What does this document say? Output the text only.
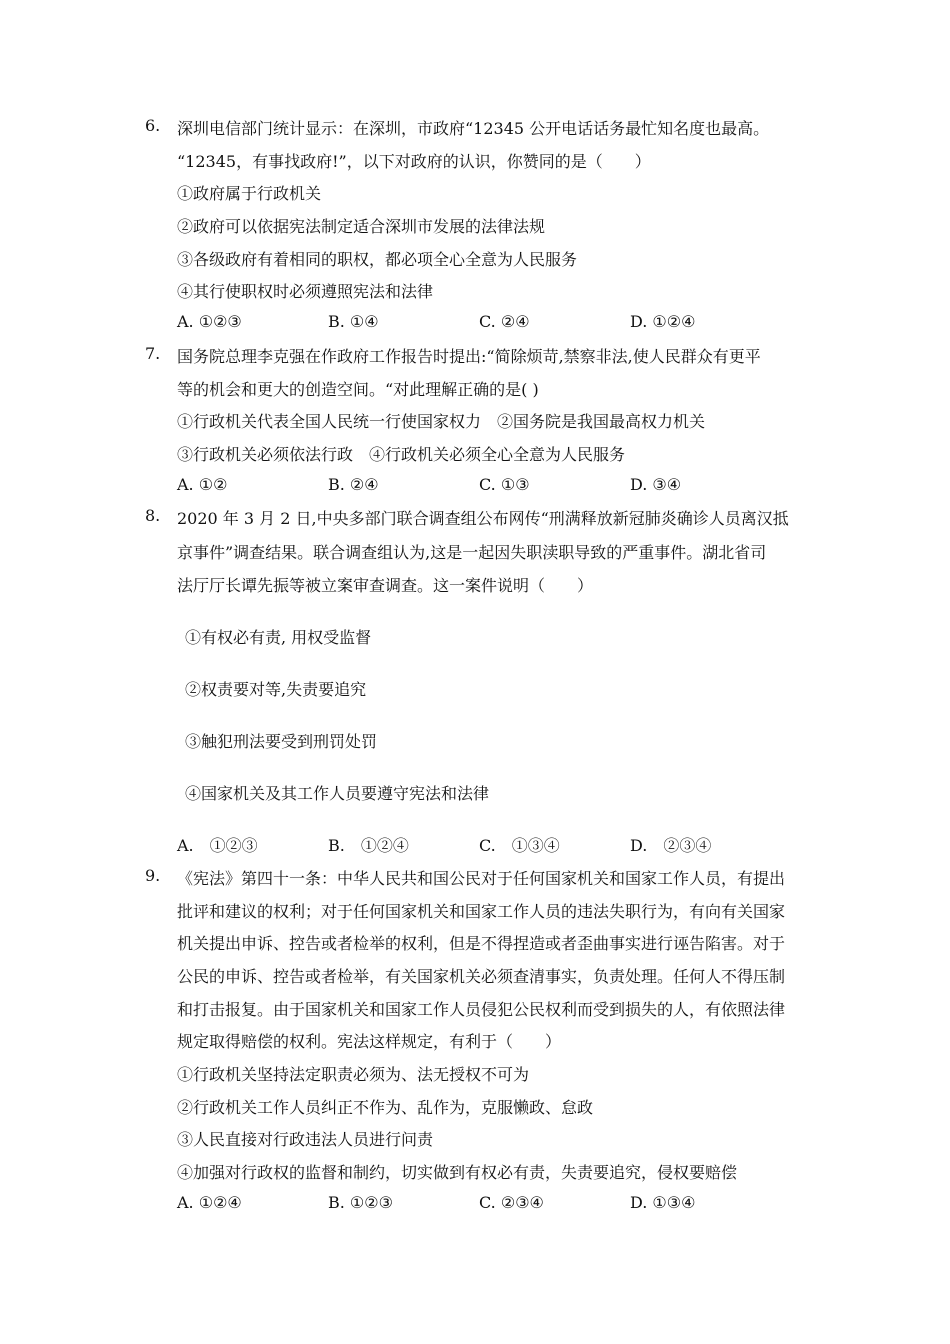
6. 深圳电信部门统计显示：在深圳，市政府“12345 公开电话话务最忙知名度也最高。
“12345，有事找政府!”，以下对政府的认识，你赞同的是（　　）
①政府属于行政机关
②政府可以依据宪法制定适合深圳市发展的法律法规
③各级政府有着相同的职权，都必项全心全意为人民服务
④其行使职权时必须遵照宪法和法律
A. ①②③	B. ①④	C. ②④	D. ①②④
7. 国务院总理李克强在作政府工作报告时提出:“简除烦苛,禁察非法,使人民群众有更平
等的机会和更大的创造空间。“对此理解正确的是( )
①行政机关代表全国人民统一行使国家权力　②国务院是我国最高权力机关
③行政机关必须依法行政　④行政机关必须全心全意为人民服务
A. ①②	B. ②④	C. ①③	D. ③④
8. 2020 年 3 月 2 日,中央多部门联合调查组公布网传“刑满释放新冠肺炎确诊人员离汉抵
京事件”调查结果。联合调查组认为,这是一起因失职渎职导致的严重事件。湖北省司
法厅厅长谭先振等被立案审查调查。这一案件说明（　　）
①有权必有责, 用权受监督
②权责要对等,失责要追究
③触犯刑法要受到刑罚处罚
④国家机关及其工作人员要遵守宪法和法律
A.　①②③	B.　①②④	C.　①③④	D.　②③④
9. 《宪法》第四十一条：中华人民共和国公民对于任何国家机关和国家工作人员，有提出
批评和建议的权利；对于任何国家机关和国家工作人员的违法失职行为，有向有关国家
机关提出申诉、控告或者检举的权利，但是不得捏造或者歪曲事实进行诬告陷害。对于
公民的申诉、控告或者检举，有关国家机关必须查清事实，负责处理。任何人不得压制
和打击报复。由于国家机关和国家工作人员侵犯公民权利而受到损失的人，有依照法律
规定取得赔偿的权利。宪法这样规定，有利于（　　）
①行政机关坚持法定职责必须为、法无授权不可为
②行政机关工作人员纠正不作为、乱作为，克服懒政、怠政
③人民直接对行政违法人员进行问责
④加强对行政权的监督和制约，切实做到有权必有责，失责要追究，侵权要赔偿
A. ①②④	B. ①②③	C. ②③④	D. ①③④
